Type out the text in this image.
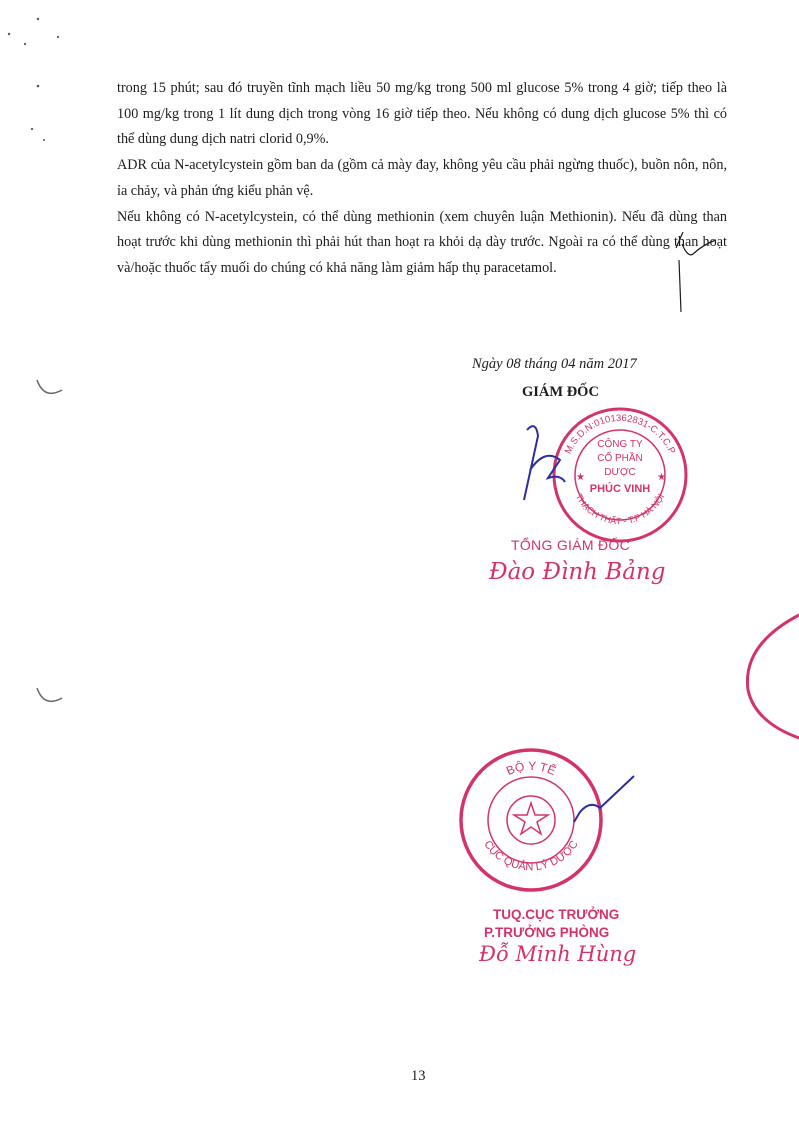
trong 15 phút; sau đó truyền tĩnh mạch liều 50 mg/kg trong 500 ml glucose 5% trong 4 giờ; tiếp theo là 100 mg/kg trong 1 lít dung dịch trong vòng 16 giờ tiếp theo. Nếu không có dung dịch glucose 5% thì có thể dùng dung dịch natri clorid 0,9%.

ADR của N-acetylcystein gồm ban da (gồm cả mày đay, không yêu cầu phải ngừng thuốc), buồn nôn, nôn, ỉa chảy, và phản ứng kiểu phản vệ.

Nếu không có N-acetylcystein, có thể dùng methionin (xem chuyên luận Methionin). Nếu đã dùng than hoạt trước khi dùng methionin thì phải hút than hoạt ra khỏi dạ dày trước. Ngoài ra có thể dùng than hoạt và/hoặc thuốc tẩy muối do chúng có khả năng làm giảm hấp thụ paracetamol.

Ngày 08 tháng 04 năm 2017
GIÁM ĐỐC
M.S.D.N:0101362831-C.T.C.P
THẠCH THẤT - T.P HÀ NỘI
CÔNG TY
CỔ PHẦN
DƯỢC
PHÚC VINH
★	★
TỔNG GIÁM ĐỐC
Đào Đình Bảng
BỘ Y TẾ
CỤC QUẢN LÝ DƯỢC
TUQ.CỤC TRƯỞNG
P.TRƯỞNG PHÒNG
Đỗ Minh Hùng
13
